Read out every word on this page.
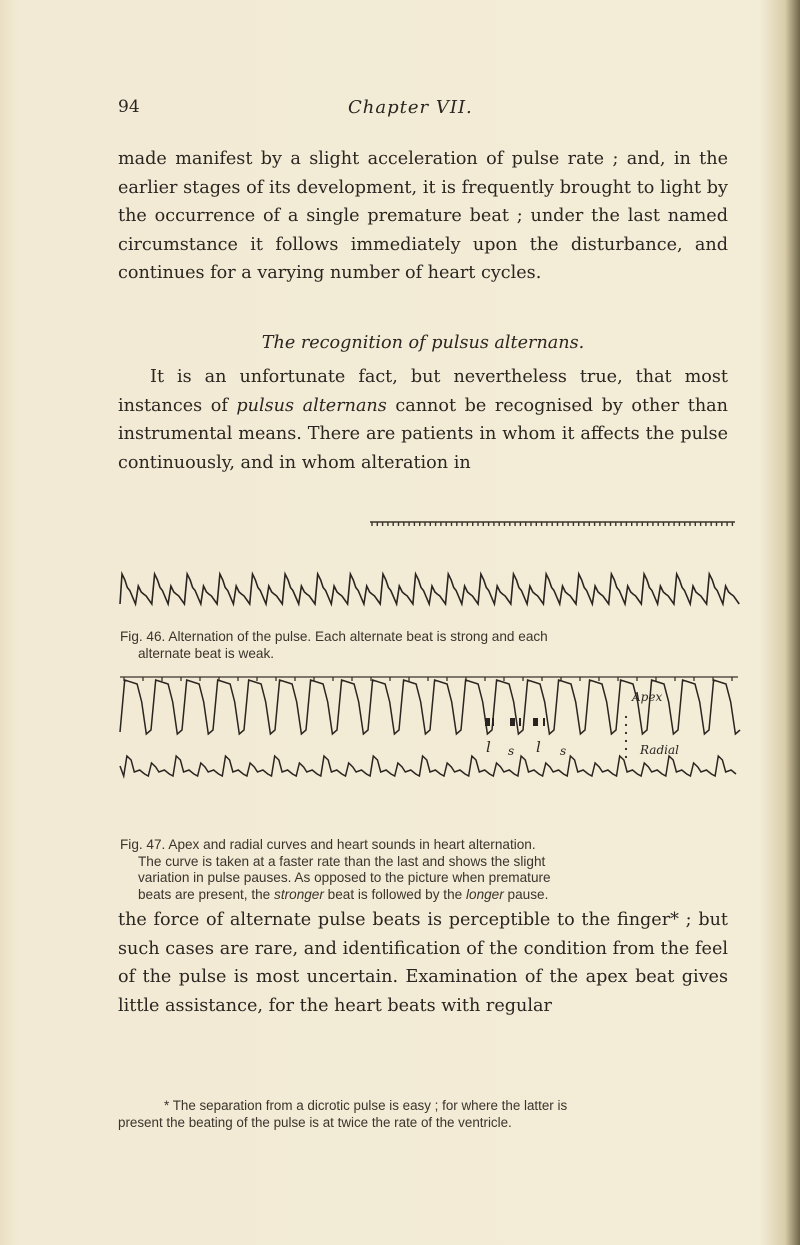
94	Chapter VII.
made manifest by a slight acceleration of pulse rate ; and, in the earlier stages of its development, it is frequently brought to light by the occurrence of a single premature beat ; under the last named circumstance it follows immediately upon the disturbance, and continues for a varying number of heart cycles.
The recognition of pulsus alternans.
It is an unfortunate fact, but nevertheless true, that most instances of pulsus alternans cannot be recognised by other than instrumental means. There are patients in whom it affects the pulse continuously, and in whom alteration in
Fig. 46. Alternation of the pulse. Each alternate beat is strong and each

alternate beat is weak.
Apex
Radial
l s l s
Fig. 47. Apex and radial curves and heart sounds in heart alternation.

The curve is taken at a faster rate than the last and shows the slight
variation in pulse pauses. As opposed to the picture when premature
beats are present, the stronger beat is followed by the longer pause.
the force of alternate pulse beats is perceptible to the finger* ; but such cases are rare, and identification of the condition from the feel of the pulse is most uncertain. Examination of the apex beat gives little assistance, for the heart beats with regular
* The separation from a dicrotic pulse is easy ; for where the latter is
present the beating of the pulse is at twice the rate of the ventricle.
